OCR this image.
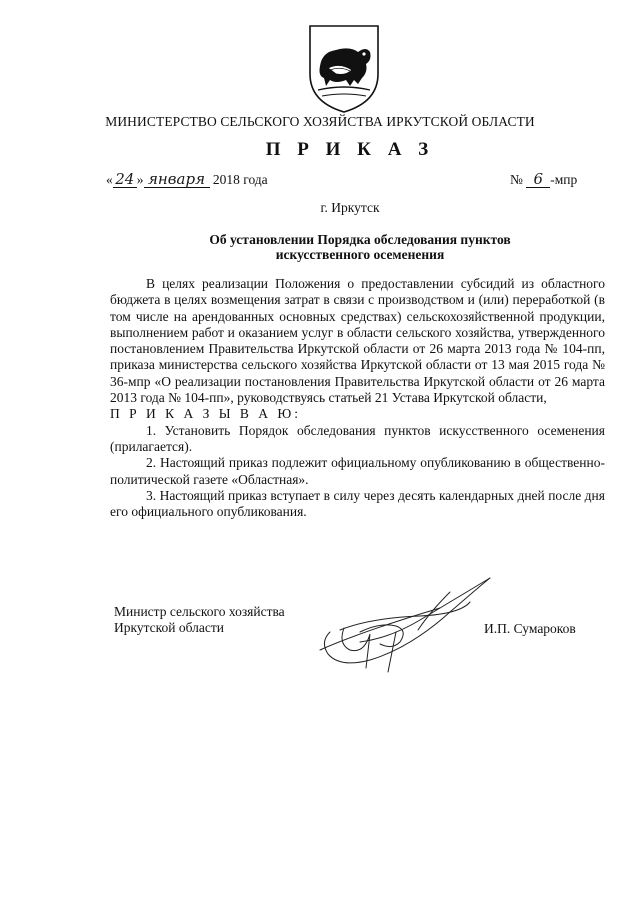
МИНИСТЕРСТВО СЕЛЬСКОГО ХОЗЯЙСТВА ИРКУТСКОЙ ОБЛАСТИ
П Р И К А З
« 24 » января 2018 года	№ 6 -мпр
г. Иркутск
Об установлении Порядка обследования пунктов
искусственного осеменения

В целях реализации Положения о предоставлении субсидий из областного бюджета в целях возмещения затрат в связи с производством и (или) переработкой (в том числе на арендованных основных средствах) сельскохозяйственной продукции, выполнением работ и оказанием услуг в области сельского хозяйства, утвержденного постановлением Правительства Иркутской области от 26 марта 2013 года № 104-пп, приказа министерства сельского хозяйства Иркутской области от 13 мая 2015 года № 36-мпр «О реализации постановления Правительства Иркутской области от 26 марта 2013 года № 104-пп», руководствуясь статьей 21 Устава Иркутской области,

П Р И К А З Ы В А Ю:

1. Установить Порядок обследования пунктов искусственного осеменения (прилагается).

2. Настоящий приказ подлежит официальному опубликованию в общественно-политической газете «Областная».

3. Настоящий приказ вступает в силу через десять календарных дней после дня его официального опубликования.

Министр сельского хозяйства
Иркутской области	И.П. Сумароков
